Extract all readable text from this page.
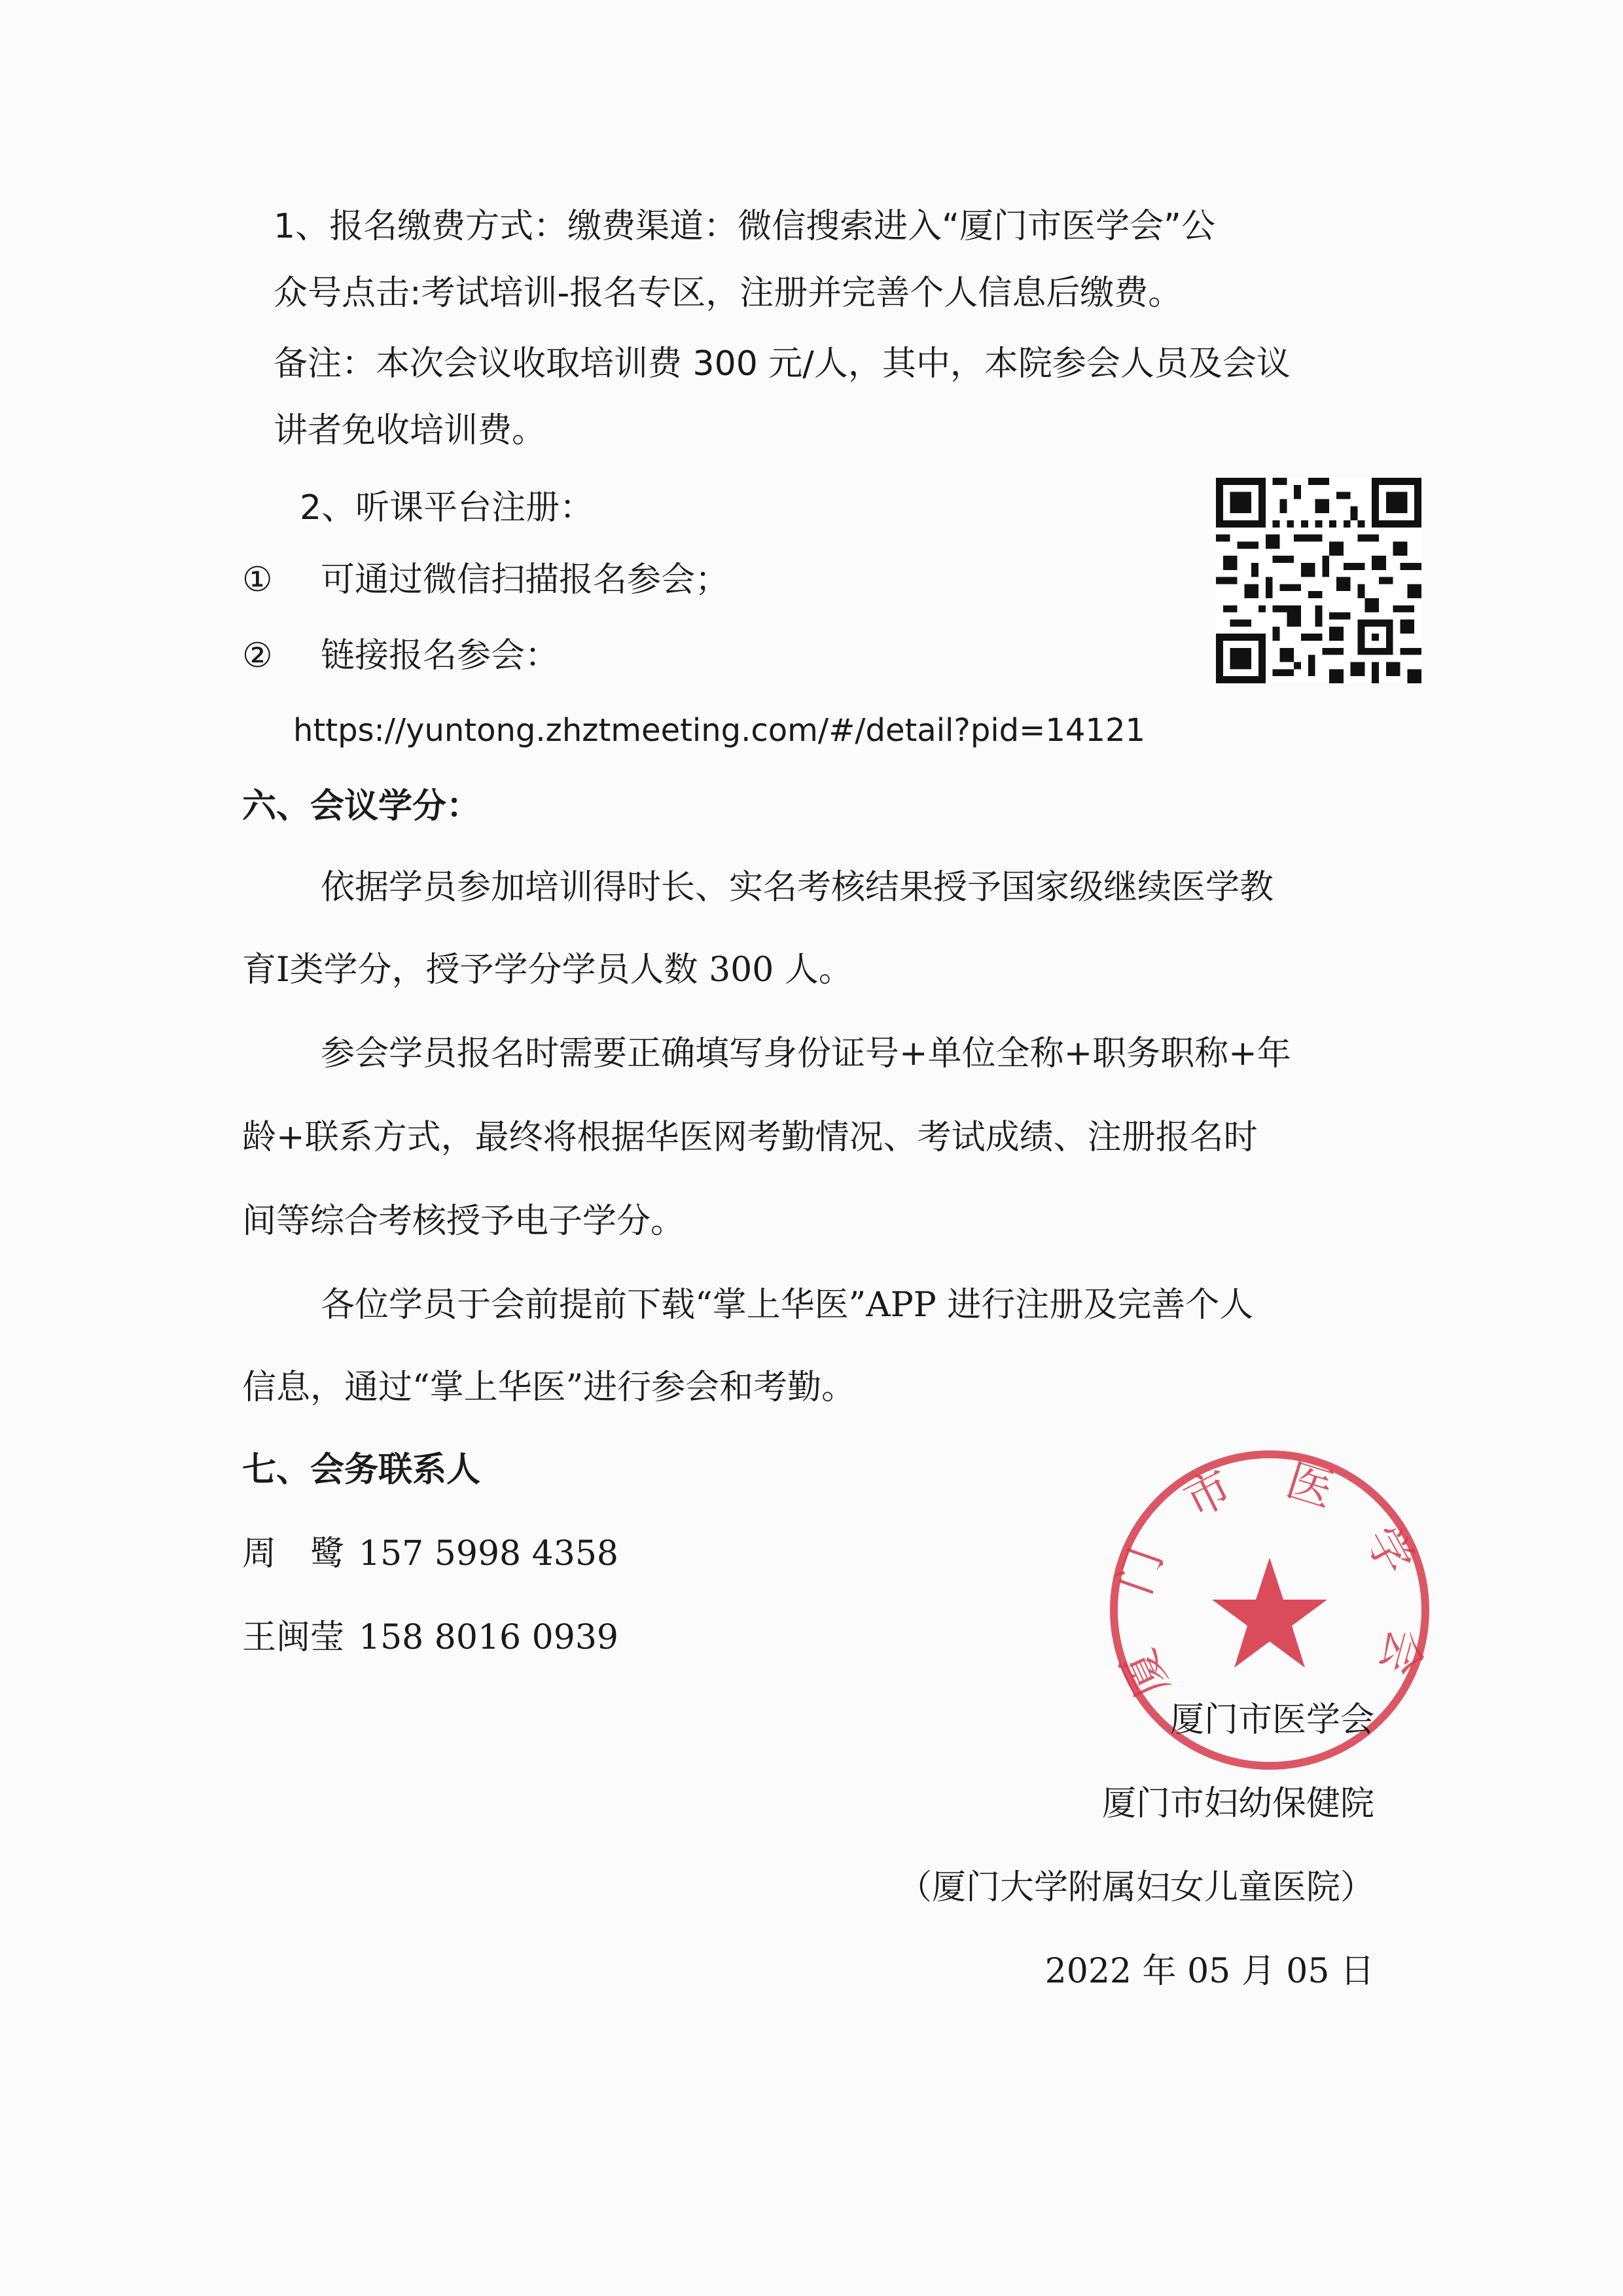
1、报名缴费方式：缴费渠道：微信搜索进入“厦门市医学会”公
众号点击:考试培训-报名专区，注册并完善个人信息后缴费。
备注：本次会议收取培训费 300 元/人，其中，本院参会人员及会议
讲者免收培训费。
2、听课平台注册：
① 可通过微信扫描报名参会；
② 链接报名参会：
https://yuntong.zhztmeeting.com/#/detail?pid=14121
六、会议学分：
依据学员参加培训得时长、实名考核结果授予国家级继续医学教
育Ⅰ类学分，授予学分学员人数 300 人。
参会学员报名时需要正确填写身份证号+单位全称+职务职称+年
龄+联系方式，最终将根据华医网考勤情况、考试成绩、注册报名时
间等综合考核授予电子学分。
各位学员于会前提前下载“掌上华医”APP 进行注册及完善个人
信息，通过“掌上华医”进行参会和考勤。
七、会务联系人
周　鹭 157 5998 4358
王闽莹 158 8016 0939
厦 门 市 医 学 会
厦门市医学会
厦门市妇幼保健院
（厦门大学附属妇女儿童医院）
2022 年 05 月 05 日
